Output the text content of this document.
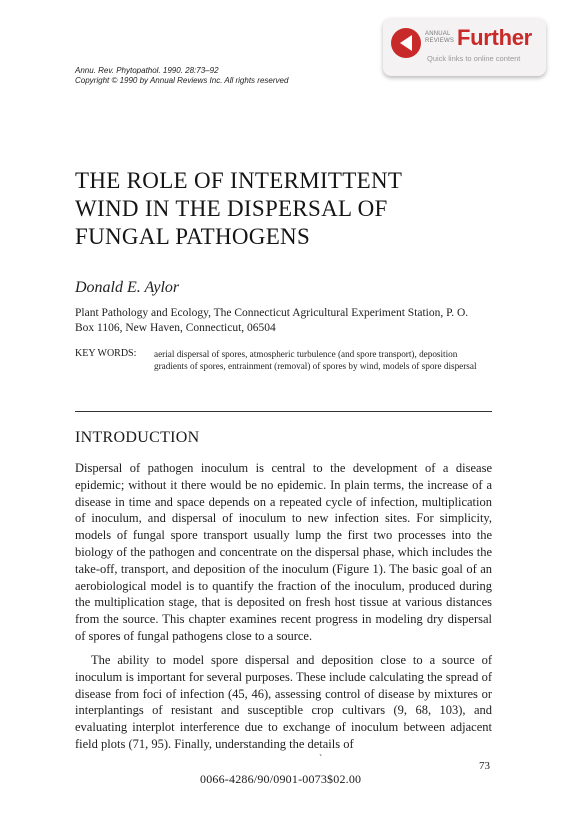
ANNUAL
REVIEWS Further
Quick links to online content
Annu. Rev. Phytopathol. 1990. 28:73–92
Copyright © 1990 by Annual Reviews Inc. All rights reserved
THE ROLE OF INTERMITTENT
WIND IN THE DISPERSAL OF
FUNGAL PATHOGENS
Donald E. Aylor
Plant Pathology and Ecology, The Connecticut Agricultural Experiment Station, P. O.
Box 1106, New Haven, Connecticut, 06504
KEY WORDS: aerial dispersal of spores, atmospheric turbulence (and spore transport), deposition gradients of spores, entrainment (removal) of spores by wind, models of spore dispersal
INTRODUCTION
Dispersal of pathogen inoculum is central to the development of a disease epidemic; without it there would be no epidemic. In plain terms, the increase of a disease in time and space depends on a repeated cycle of infection, multiplication of inoculum, and dispersal of inoculum to new infection sites. For simplicity, models of fungal spore transport usually lump the first two processes into the biology of the pathogen and concentrate on the dispersal phase, which includes the take-off, transport, and deposition of the inoculum (Figure 1). The basic goal of an aerobiological model is to quantify the fraction of the inoculum, produced during the multiplication stage, that is deposited on fresh host tissue at various distances from the source. This chapter examines recent progress in modeling dry dispersal of spores of fungal pathogens close to a source.
The ability to model spore dispersal and deposition close to a source of inoculum is important for several purposes. These include calculating the spread of disease from foci of infection (45, 46), assessing control of disease by mixtures or interplantings of resistant and susceptible crop cultivars (9, 68, 103), and evaluating interplot interference due to exchange of inoculum between adjacent field plots (71, 95). Finally, understanding the details of
`
73
0066-4286/90/0901-0073$02.00
